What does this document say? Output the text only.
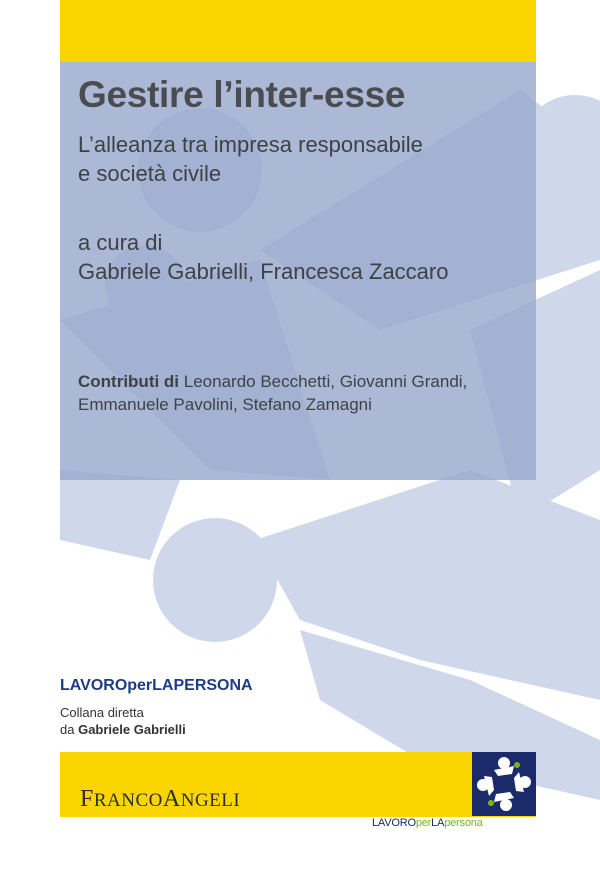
Gestire l’inter-esse
L’alleanza tra impresa responsabile
e società civile
a cura di
Gabriele Gabrielli, Francesca Zaccaro
Contributi di Leonardo Becchetti, Giovanni Grandi,
Emmanuele Pavolini, Stefano Zamagni
LAVOROperLAPERSONA
Collana diretta
da Gabriele Gabrielli
FRANCOANGELI
LAVOROperLApersona
